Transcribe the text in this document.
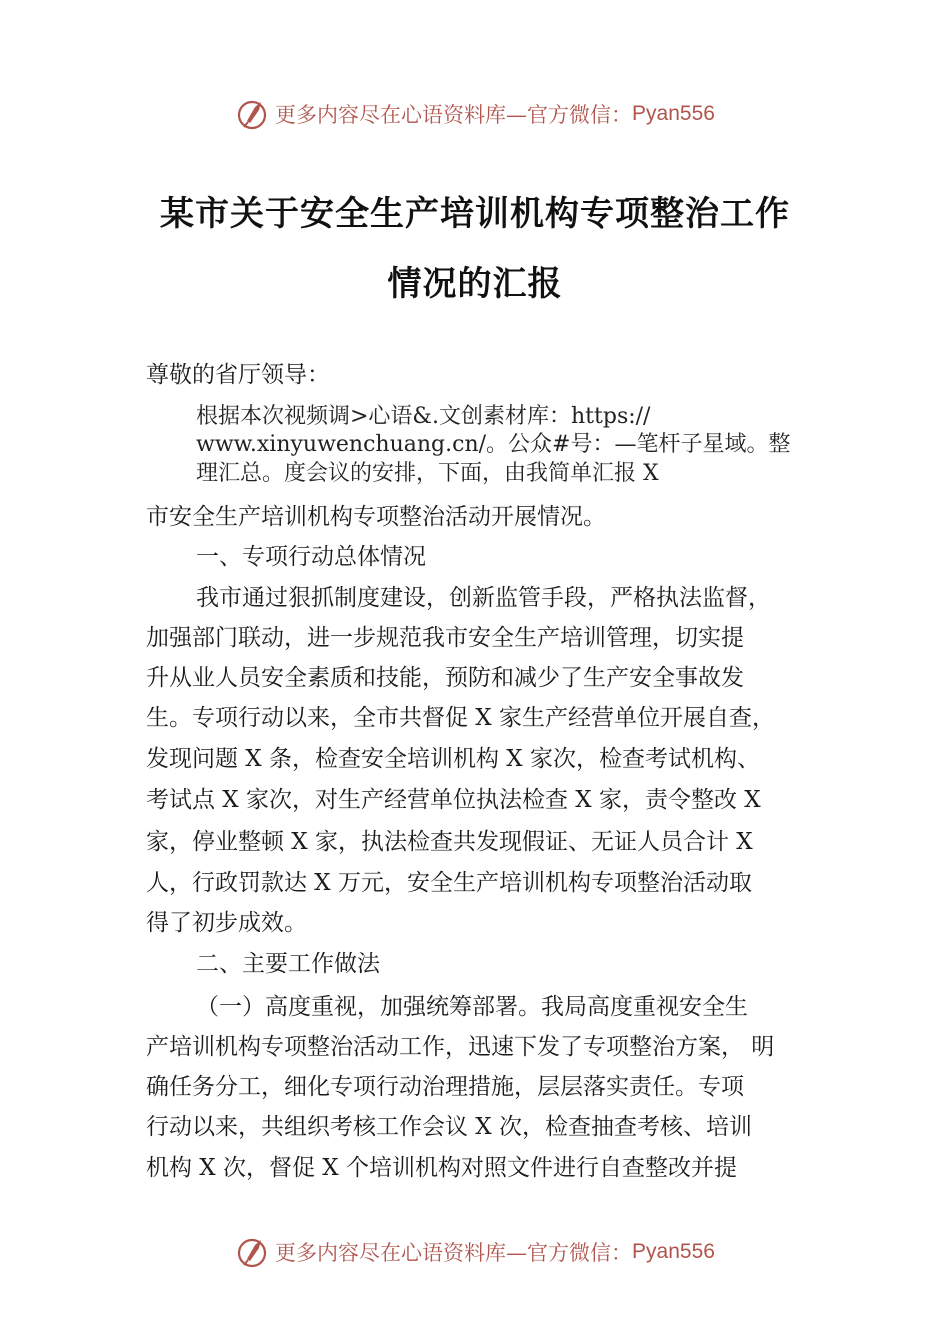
更多内容尽在心语资料库—官方微信： Pyan556
某市关于安全生产培训机构专项整治工作
情况的汇报
尊敬的省厅领导：
根据本次视频调>心语&.文创素材库：https://
www.xinyuwenchuang.cn/。公众#号：—笔杆子星域。整
理汇总。度会议的安排，下面，由我简单汇报 X
市安全生产培训机构专项整治活动开展情况。
一、专项行动总体情况
我市通过狠抓制度建设，创新监管手段，严格执法监督，
加强部门联动，进一步规范我市安全生产培训管理，切实提
升从业人员安全素质和技能，预防和减少了生产安全事故发
生。专项行动以来，全市共督促 X 家生产经营单位开展自查，
发现问题 X 条，检查安全培训机构 X 家次，检查考试机构、
考试点 X 家次，对生产经营单位执法检查 X 家，责令整改 X
家，停业整顿 X 家，执法检查共发现假证、无证人员合计 X
人，行政罚款达 X 万元，安全生产培训机构专项整治活动取
得了初步成效。
二、主要工作做法
（一）高度重视，加强统筹部署。我局高度重视安全生
产培训机构专项整治活动工作，迅速下发了专项整治方案， 明
确任务分工，细化专项行动治理措施，层层落实责任。专项
行动以来，共组织考核工作会议 X 次，检查抽查考核、培训
机构 X 次，督促 X 个培训机构对照文件进行自查整改并提
更多内容尽在心语资料库—官方微信： Pyan556
